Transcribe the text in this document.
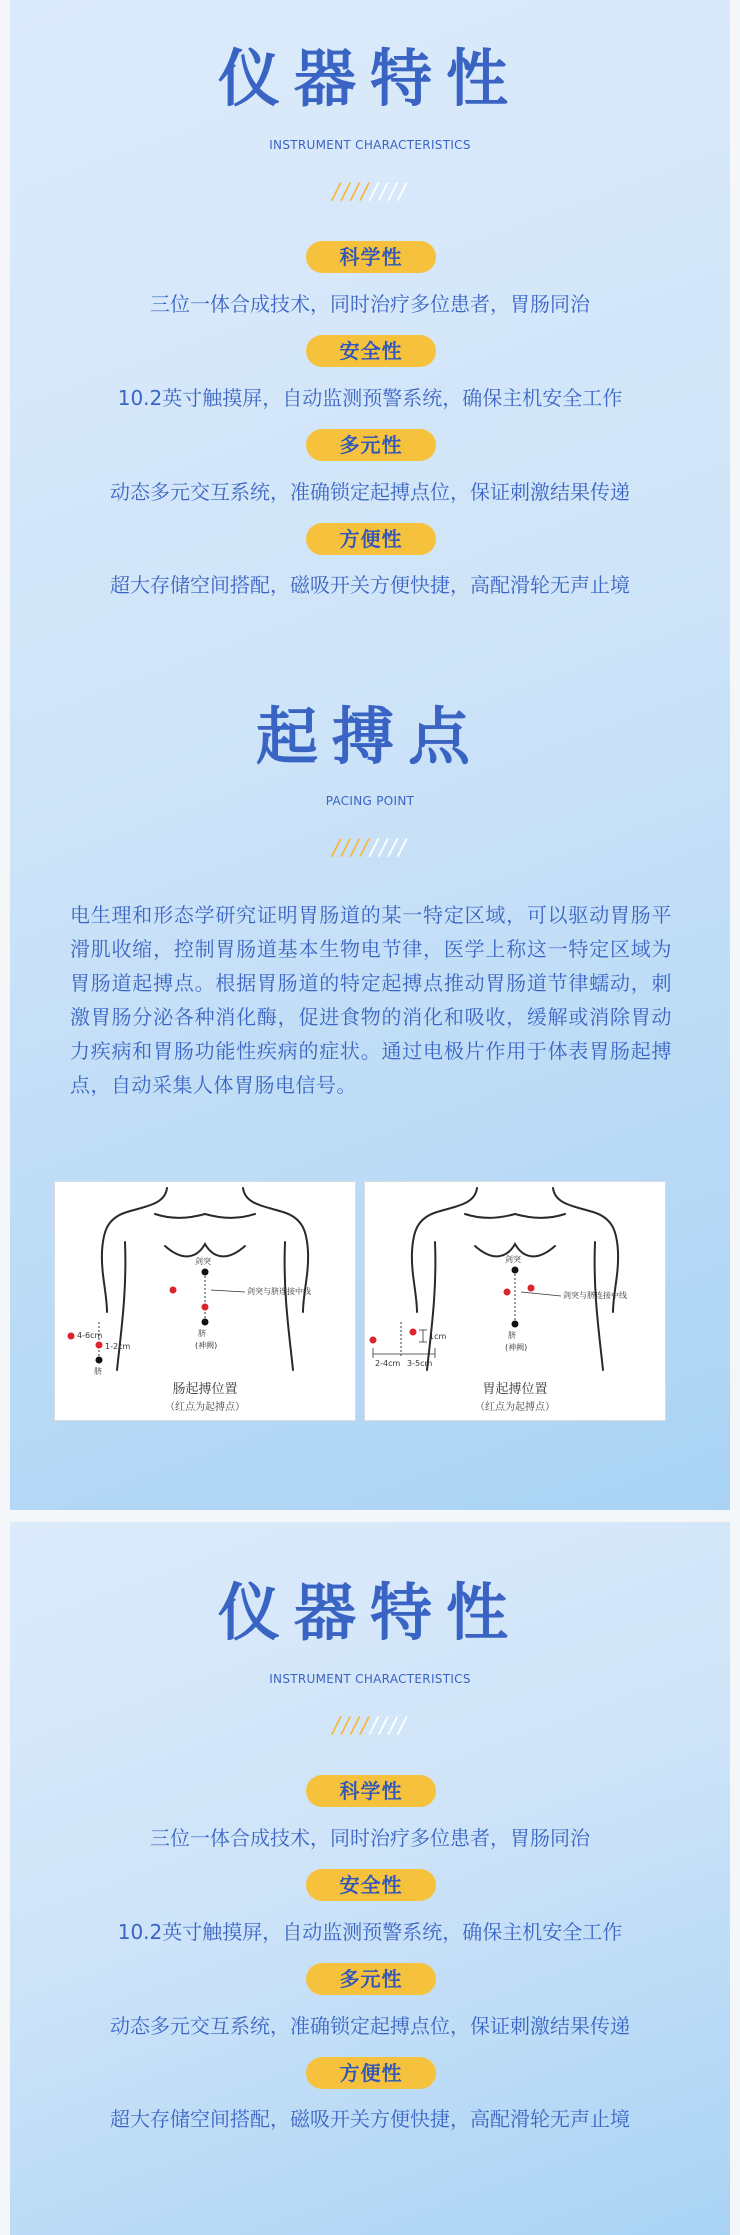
仪器特性

INSTRUMENT CHARACTERISTICS

////////
科学性

三位一体合成技术，同时治疗多位患者，胃肠同治

安全性

10.2英寸触摸屏，自动监测预警系统，确保主机安全工作

多元性

动态多元交互系统，准确锁定起搏点位，保证刺激结果传递

方便性

超大存储空间搭配，磁吸开关方便快捷，高配滑轮无声止境

起搏点

PACING POINT

////////

电生理和形态学研究证明胃肠道的某一特定区域，可以驱动胃肠平滑肌收缩，控制胃肠道基本生物电节律，医学上称这一特定区域为胃肠道起搏点。根据胃肠道的特定起搏点推动胃肠道节律蠕动，刺激胃肠分泌各种消化酶，促进食物的消化和吸收，缓解或消除胃动力疾病和胃肠功能性疾病的症状。通过电极片作用于体表胃肠起搏点，自动采集人体胃肠电信号。

剑突
剑突与脐连接中线
脐
(神阙)
4-6cm
1-2cm
脐
肠起搏位置
（红点为起搏点）
剑突
剑突与脐连接中线
脐
(神阙)
2-4cm 3-5cm
1cm
胃起搏位置
（红点为起搏点）
仪器特性

INSTRUMENT CHARACTERISTICS

////////
科学性

三位一体合成技术，同时治疗多位患者，胃肠同治

安全性

10.2英寸触摸屏，自动监测预警系统，确保主机安全工作

多元性

动态多元交互系统，准确锁定起搏点位，保证刺激结果传递

方便性

超大存储空间搭配，磁吸开关方便快捷，高配滑轮无声止境
